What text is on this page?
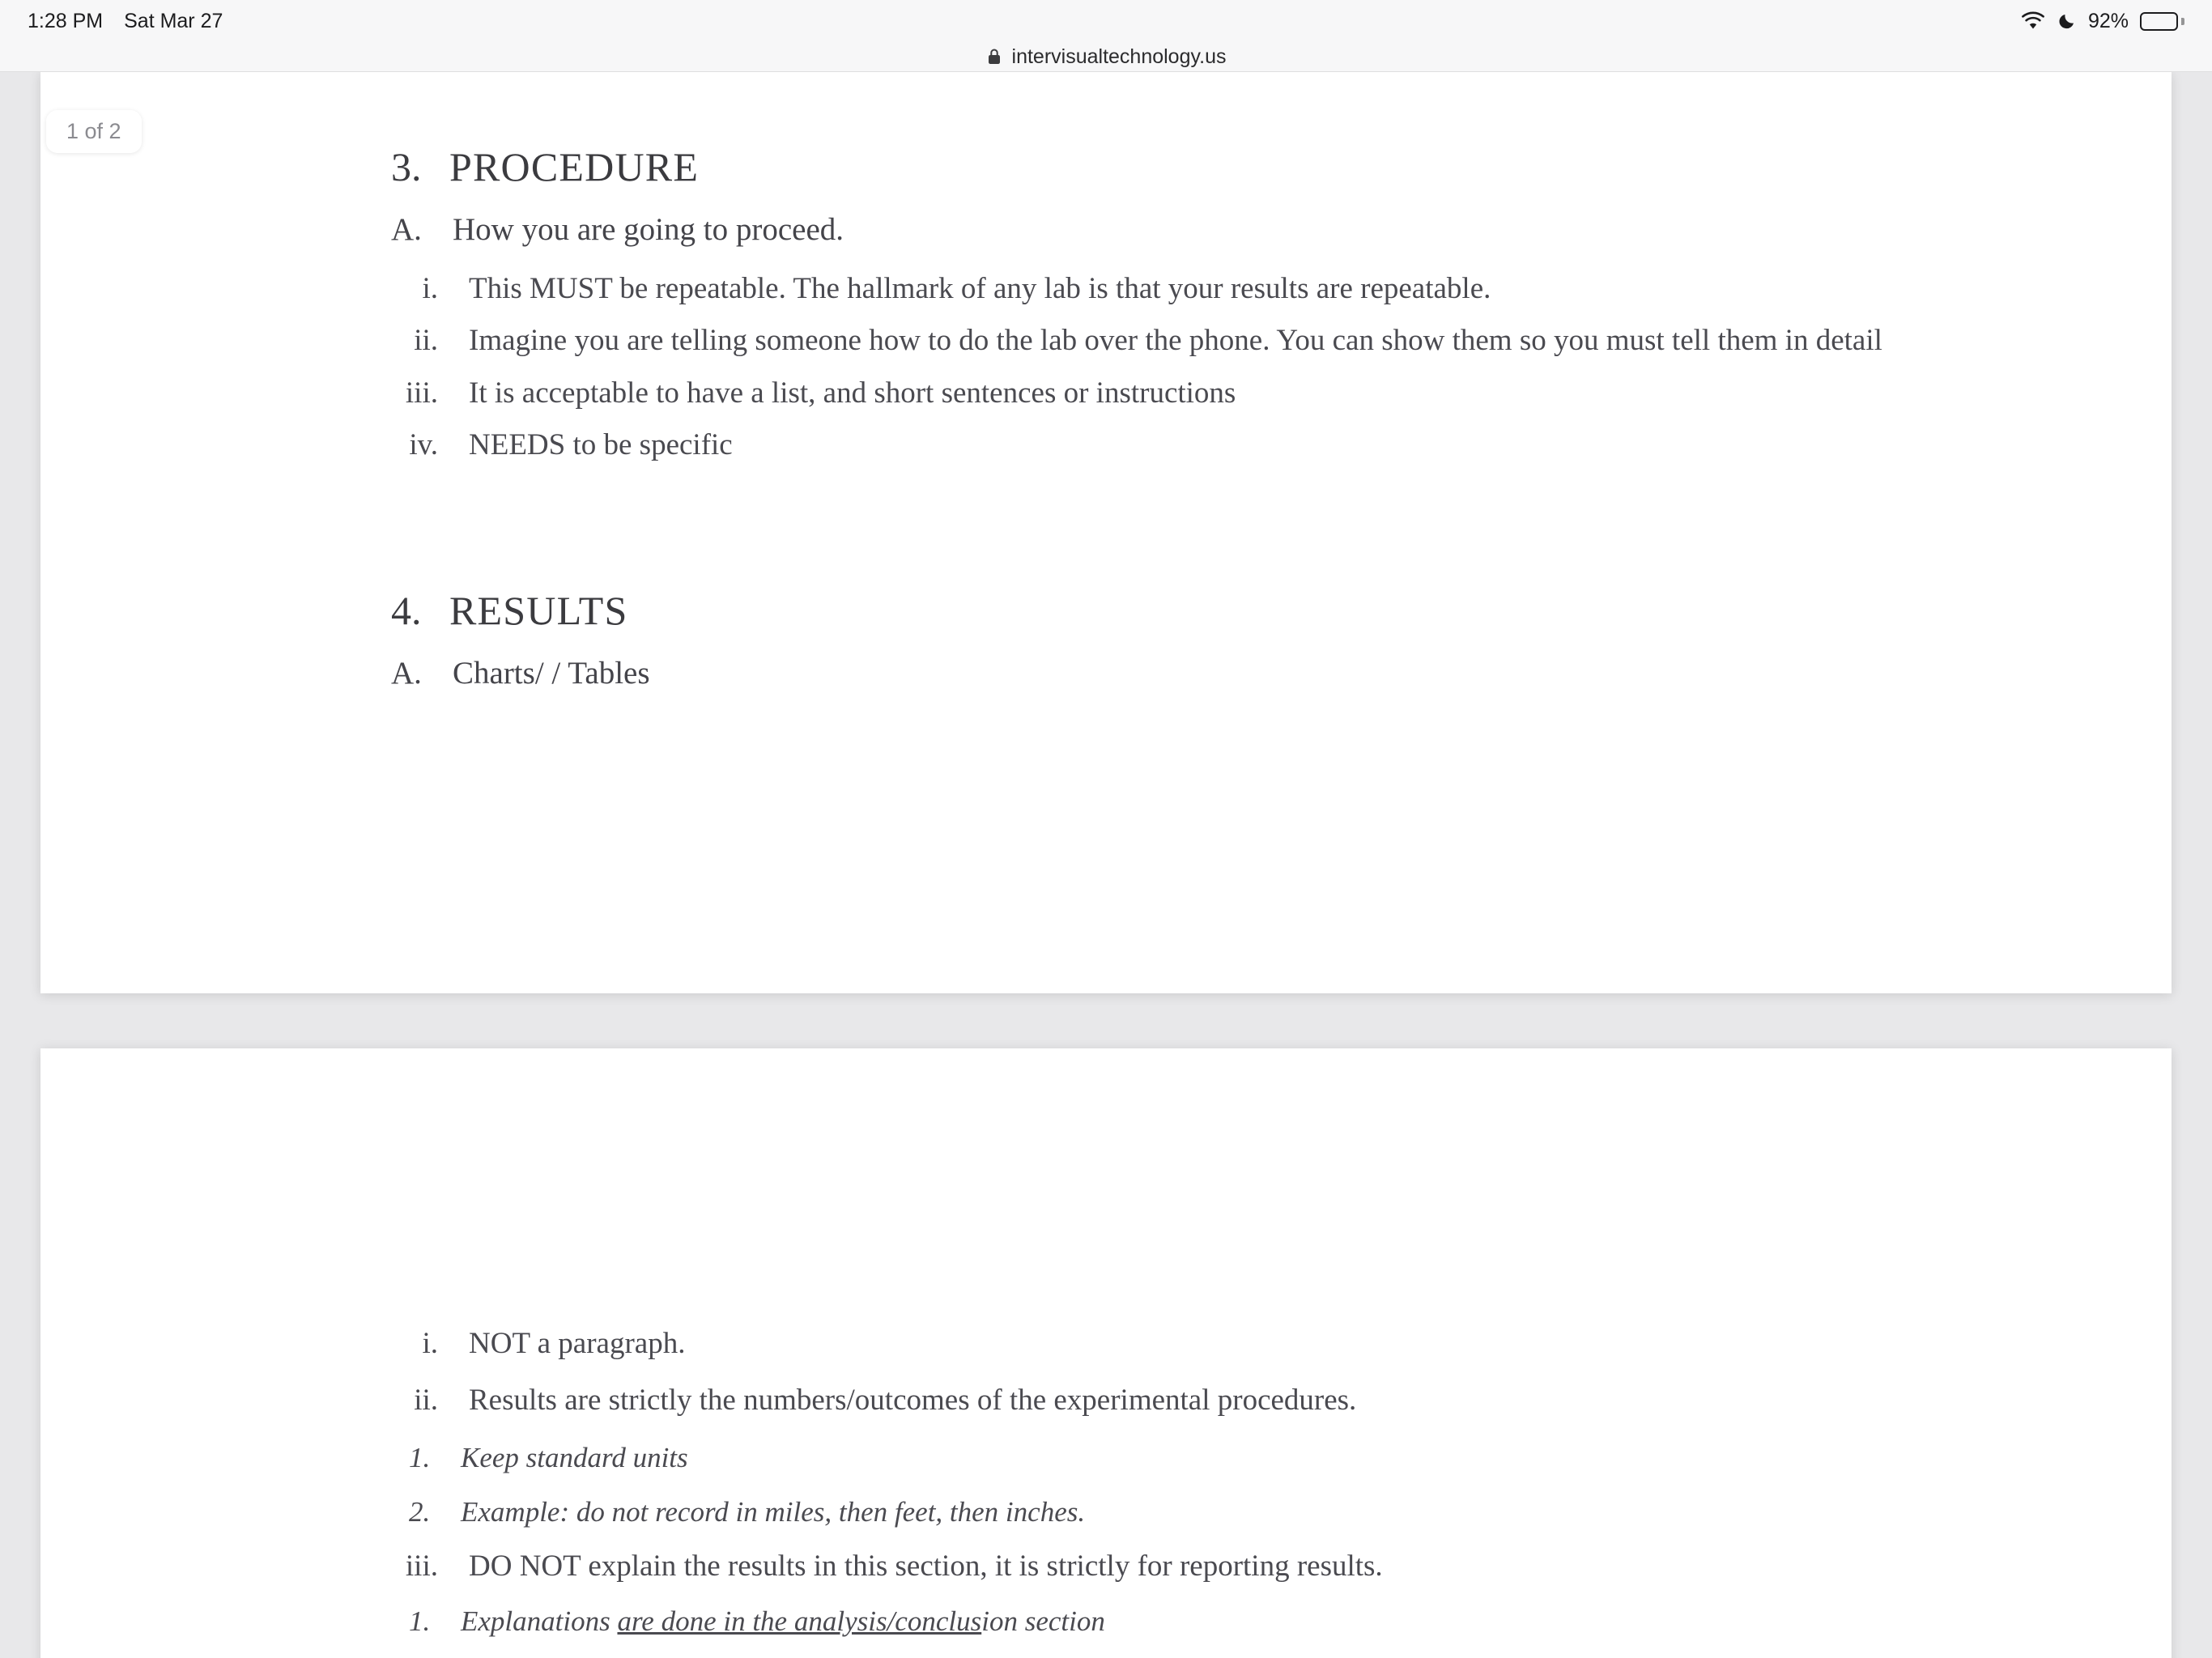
1:28 PM Sat Mar 27	92%
intervisualtechnology.us
1 of 2
3. PROCEDURE
A. How you are going to proceed.
i.	This MUST be repeatable. The hallmark of any lab is that your results are repeatable.
ii.	Imagine you are telling someone how to do the lab over the phone. You can show them so you must tell them in detail
iii.	It is acceptable to have a list, and short sentences or instructions
iv.	NEEDS to be specific
4. RESULTS
A. Charts/ / Tables
i.	NOT a paragraph.
ii.	Results are strictly the numbers/outcomes of the experimental procedures.
1.	Keep standard units
2.	Example: do not record in miles, then feet, then inches.
iii.	DO NOT explain the results in this section, it is strictly for reporting results.
1.	Explanations are done in the analysis/conclusion section
